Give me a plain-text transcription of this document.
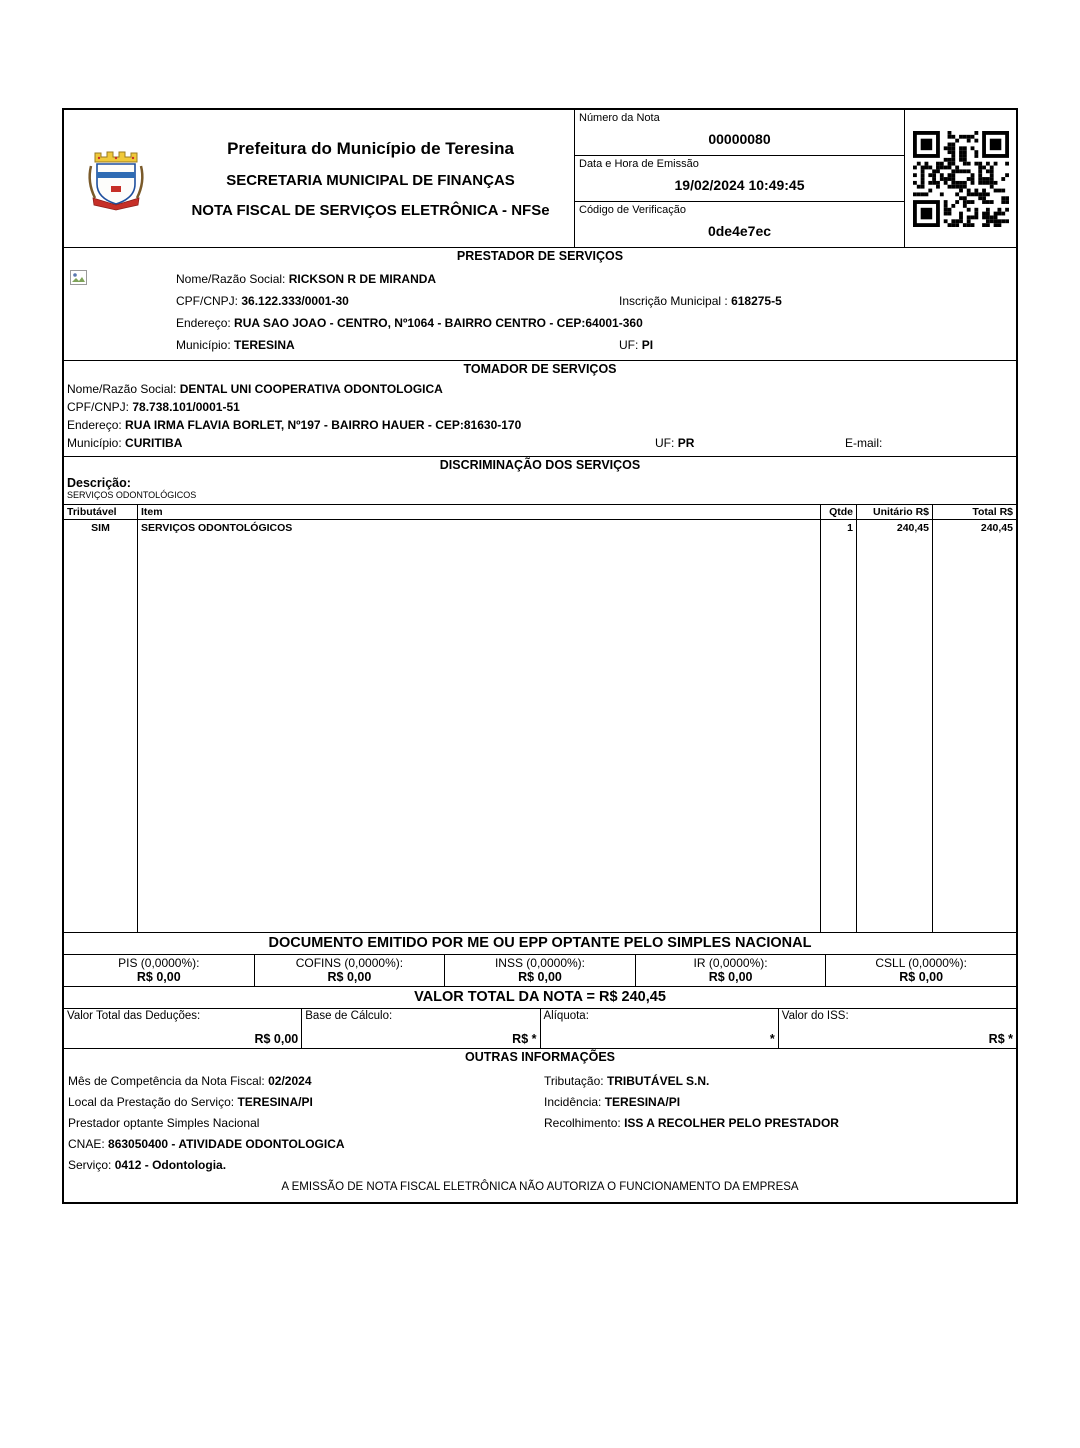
Prefeitura do Município de Teresina
SECRETARIA MUNICIPAL DE FINANÇAS
NOTA FISCAL DE SERVIÇOS ELETRÔNICA - NFSe
Número da Nota
00000080
Data e Hora de Emissão
19/02/2024 10:49:45
Código de Verificação
0de4e7ec
PRESTADOR DE SERVIÇOS
Nome/Razão Social: RICKSON R DE MIRANDA
CPF/CNPJ: 36.122.333/0001-30	Inscrição Municipal : 618275-5
Endereço: RUA SAO JOAO - CENTRO, Nº1064 - BAIRRO CENTRO - CEP:64001-360
Município: TERESINA	UF: PI
TOMADOR DE SERVIÇOS
Nome/Razão Social: DENTAL UNI COOPERATIVA ODONTOLOGICA
CPF/CNPJ: 78.738.101/0001-51
Endereço: RUA IRMA FLAVIA BORLET, Nº197 - BAIRRO HAUER - CEP:81630-170
Município: CURITIBA	UF: PR	E-mail:
DISCRIMINAÇÃO DOS SERVIÇOS
Descrição:
SERVIÇOS ODONTOLÓGICOS
Tributável	Item	Qtde	Unitário R$	Total R$
SIM	SERVIÇOS ODONTOLÓGICOS	1	240,45	240,45
DOCUMENTO EMITIDO POR ME OU EPP OPTANTE PELO SIMPLES NACIONAL
PIS (0,0000%):
R$ 0,00
COFINS (0,0000%):
R$ 0,00
INSS (0,0000%):
R$ 0,00
IR (0,0000%):
R$ 0,00
CSLL (0,0000%):
R$ 0,00
VALOR TOTAL DA NOTA = R$ 240,45
Valor Total das Deduções:
R$ 0,00
Base de Cálculo:
R$ *
Alíquota:
*
Valor do ISS:
R$ *
OUTRAS INFORMAÇÕES
Mês de Competência da Nota Fiscal: 02/2024	Tributação: TRIBUTÁVEL S.N.
Local da Prestação do Serviço: TERESINA/PI	Incidência: TERESINA/PI
Prestador optante Simples Nacional	Recolhimento: ISS A RECOLHER PELO PRESTADOR
CNAE: 863050400 - ATIVIDADE ODONTOLOGICA
Serviço: 0412 - Odontologia.
A EMISSÃO DE NOTA FISCAL ELETRÔNICA NÃO AUTORIZA O FUNCIONAMENTO DA EMPRESA
